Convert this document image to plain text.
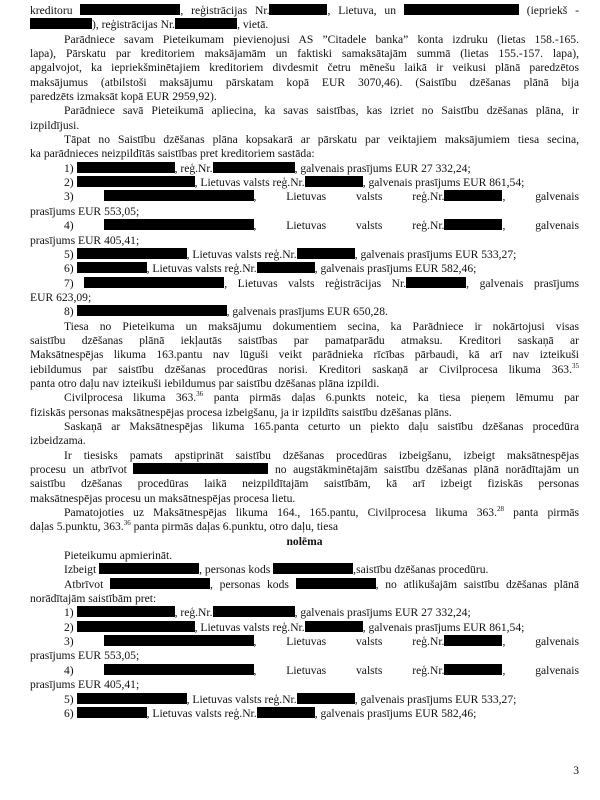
kreditoru	, reģistrācijas Nr.	, Lietuva, un	(iepriekš -
), reģistrācijas Nr.	, vietā.
Parādniece savam Pieteikumam pievienojusi AS ”Citadele banka” konta izdruku (lietas 158.-165.
lapa), Pārskatu par kreditoriem maksājamām un faktiski samaksātajām summā (lietas 155.-157. lapa),
apgalvojot, ka iepriekšminētajiem kreditoriem divdesmit četru mēnešu laikā ir veikusi plānā paredzētos
maksājumus (atbilstoši maksājumu pārskatam kopā EUR 3070,46). (Saistību dzēšanas plānā bija
paredzēts izmaksāt kopā EUR 2959,92).
Parādniece savā Pieteikumā apliecina, ka savas saistības, kas izriet no Saistību dzēšanas plāna, ir
izpildījusi.
Tāpat no Saistību dzēšanas plāna kopsakarā ar pārskatu par veiktajiem maksājumiem tiesa secina,
ka parādnieces neizpildītās saistības pret kreditoriem sastāda:
1)	, reģ.Nr.	, galvenais prasījums EUR 27 332,24;
2)	, Lietuvas valsts reģ.Nr.	, galvenais prasījums EUR 861,54;
3)	, Lietuvas valsts reģ.Nr.	, galvenais
prasījums EUR 553,05;
4)	, Lietuvas valsts reģ.Nr.	, galvenais
prasījums EUR 405,41;
5)	, Lietuvas valsts reģ.Nr.	, galvenais prasījums EUR 533,27;
6)	, Lietuvas valsts reģ.Nr.	, galvenais prasījums EUR 582,46;
7)	, Lietuvas valsts reģistrācijas Nr.	, galvenais prasījums
EUR 623,09;
8)	, galvenais prasījums EUR 650,28.
Tiesa no Pieteikuma un maksājumu dokumentiem secina, ka Parādniece ir nokārtojusi visas
saistību dzēšanas plānā iekļautās saistības par pamatparādu atmaksu. Kreditori saskaņā ar
Maksātnespējas likuma 163.pantu nav lūguši veikt parādnieka rīcības pārbaudi, kā arī nav izteikuši
iebildumus par saistību dzēšanas procedūras norisi. Kreditori saskaņā ar Civilprocesa likuma 363.35
panta otro daļu nav izteikuši iebildumus par saistību dzēšanas plāna izpildi.
Civilprocesa likuma 363.36 panta pirmās daļas 6.punkts noteic, ka tiesa pieņem lēmumu par
fiziskās personas maksātnespējas procesa izbeigšanu, ja ir izpildīts saistību dzēšanas plāns.
Saskaņā ar Maksātnespējas likuma 165.panta ceturto un piekto daļu saistību dzēšanas procedūra
izbeidzama.
Ir tiesisks pamats apstiprināt saistību dzēšanas procedūras izbeigšanu, izbeigt maksātnespējas
procesu un atbrīvot	no augstākminētajām saistību dzēšanas plānā norādītajām un
saistību dzēšanas procedūras laikā neizpildītajām saistībām, kā arī izbeigt fiziskās personas
maksātnespējas procesu un maksātnespējas procesa lietu.
Pamatojoties uz Maksātnespējas likuma 164., 165.pantu, Civilprocesa likuma 363.28 panta pirmās
daļas 5.punktu, 363.36 panta pirmās daļas 6.punktu, otro daļu, tiesa
nolēma
Pieteikumu apmierināt.
Izbeigt	, personas kods	,saistību dzēšanas procedūru.
Atbrīvot	, personas kods	, no atlikušajām saistību dzēšanas plānā
norādītajām saistībām pret:
1)	, reģ.Nr.	, galvenais prasījums EUR 27 332,24;
2)	, Lietuvas valsts reģ.Nr.	, galvenais prasījums EUR 861,54;
3)	, Lietuvas valsts reģ.Nr.	, galvenais
prasījums EUR 553,05;
4)	, Lietuvas valsts reģ.Nr.	, galvenais
prasījums EUR 405,41;
5)	, Lietuvas valsts reģ.Nr.	, galvenais prasījums EUR 533,27;
6)	, Lietuvas valsts reģ.Nr.	, galvenais prasījums EUR 582,46;
3
